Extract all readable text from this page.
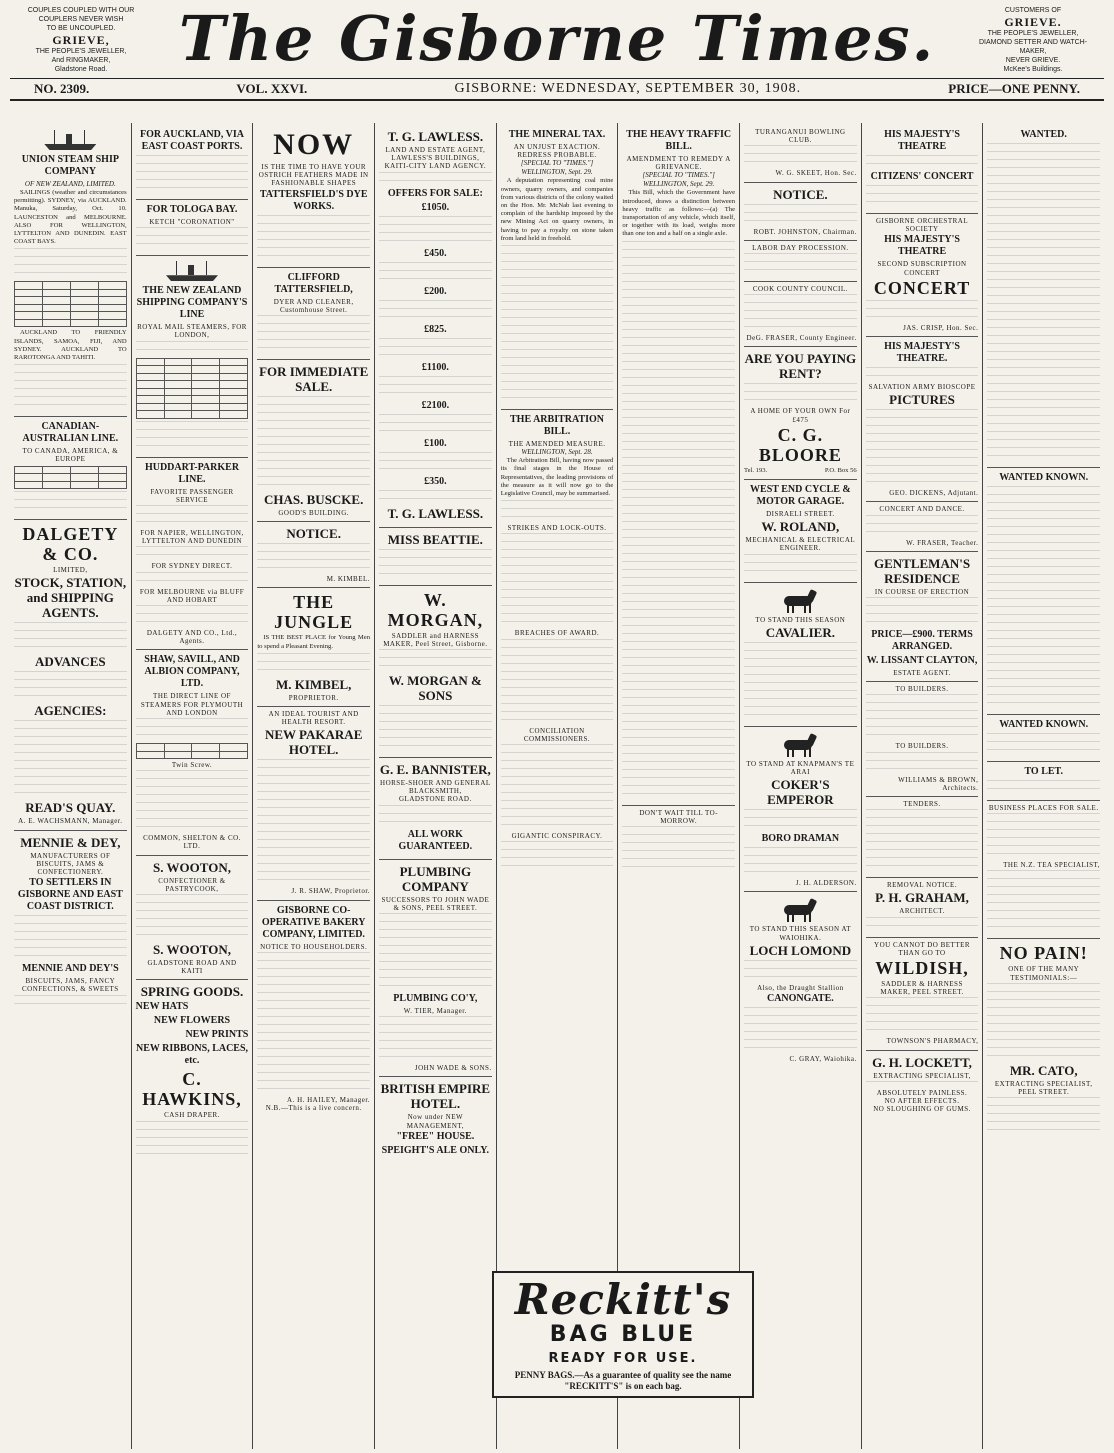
COUPLES COUPLED WITH OUR
COUPLERS NEVER WISH
TO BE UNCOUPLED.
GRIEVE,
THE PEOPLE'S JEWELLER,
And RINGMAKER,
Gladstone Road.	The Gisborne Times.	CUSTOMERS OF
GRIEVE.
THE PEOPLE'S JEWELLER,
DIAMOND SETTER AND WATCH-
MAKER,
NEVER GRIEVE.
McKee's Buildings.
NO. 2309.	VOL. XXVI.	GISBORNE: WEDNESDAY, SEPTEMBER 30, 1908.	PRICE—ONE PENNY.
UNION STEAM SHIP COMPANY
OF NEW ZEALAND, LIMITED.

SAILINGS (weather and circumstances permitting). SYDNEY, via AUCKLAND. Manuka, Saturday, Oct. 10. LAUNCESTON and MELBOURNE. ALSO FOR WELLINGTON, LYTTELTON AND DUNEDIN. EAST COAST BAYS.

AUCKLAND TO FRIENDLY ISLANDS, SAMOA, FIJI, AND SYDNEY. AUCKLAND TO RAROTONGA AND TAHITI.

CANADIAN-AUSTRALIAN LINE.
TO CANADA, AMERICA, & EUROPE

DALGETY & CO.
LIMITED,
STOCK, STATION, and SHIPPING AGENTS.
ADVANCES
AGENCIES:
READ'S QUAY.
A. E. WACHSMANN, Manager.
MENNIE & DEY,
MANUFACTURERS OF BISCUITS, JAMS & CONFECTIONERY.
TO SETTLERS IN GISBORNE AND EAST COAST DISTRICT.
MENNIE AND DEY'S
BISCUITS, JAMS, FANCY CONFECTIONS, & SWEETS
FOR AUCKLAND, VIA EAST COAST PORTS.
FOR TOLOGA BAY.
KETCH "CORONATION"
THE NEW ZEALAND SHIPPING COMPANY'S LINE
ROYAL MAIL STEAMERS, FOR LONDON,

HUDDART-PARKER LINE.
FAVORITE PASSENGER SERVICE
FOR NAPIER, WELLINGTON, LYTTELTON AND DUNEDIN
FOR SYDNEY DIRECT.
FOR MELBOURNE via BLUFF AND HOBART
DALGETY AND CO., Ltd., Agents.
SHAW, SAVILL, AND ALBION COMPANY, LTD.
THE DIRECT LINE OF STEAMERS FOR PLYMOUTH AND LONDON

Twin Screw.
COMMON, SHELTON & CO. LTD.
S. WOOTON,
CONFECTIONER & PASTRYCOOK,
S. WOOTON,
GLADSTONE ROAD AND KAITI
SPRING GOODS.
NEW HATS
NEW FLOWERS
NEW PRINTS
NEW RIBBONS, LACES, etc.
C. HAWKINS,
CASH DRAPER.
NOW
IS THE TIME TO HAVE YOUR OSTRICH FEATHERS MADE IN FASHIONABLE SHAPES
TATTERSFIELD'S DYE WORKS.
CLIFFORD TATTERSFIELD,
DYER AND CLEANER, Customhouse Street.
FOR IMMEDIATE SALE.
CHAS. BUSCKE.
GOOD'S BUILDING.
NOTICE.
M. KIMBEL.
THE JUNGLE

IS THE BEST PLACE for Young Men to spend a Pleasant Evening.

M. KIMBEL,
PROPRIETOR.
AN IDEAL TOURIST AND HEALTH RESORT.
NEW PAKARAE HOTEL.
J. R. SHAW, Proprietor.
GISBORNE CO-OPERATIVE BAKERY COMPANY, LIMITED.
NOTICE TO HOUSEHOLDERS.
A. H. HAILEY, Manager.
N.B.—This is a live concern.
T. G. LAWLESS.
LAND AND ESTATE AGENT,
LAWLESS'S BUILDINGS, KAITI-CITY LAND AGENCY.
OFFERS FOR SALE:
£1050.
£450.
£200.
£825.
£1100.
£2100.
£100.
£350.
T. G. LAWLESS.
MISS BEATTIE.
W. MORGAN,
SADDLER and HARNESS MAKER, Peel Street, Gisborne.
W. MORGAN & SONS
G. E. BANNISTER,
HORSE-SHOER AND GENERAL BLACKSMITH,
GLADSTONE ROAD.
ALL WORK GUARANTEED.
PLUMBING COMPANY
SUCCESSORS TO JOHN WADE & SONS, PEEL STREET.
PLUMBING CO'Y,
W. TIER, Manager.
JOHN WADE & SONS.
BRITISH EMPIRE HOTEL.
Now under NEW MANAGEMENT,
"FREE" HOUSE.
SPEIGHT'S ALE ONLY.
THE MINERAL TAX.
AN UNJUST EXACTION.
REDRESS PROBABLE.
[SPECIAL TO "TIMES."]
WELLINGTON, Sept. 29.

A deputation representing coal mine owners, quarry owners, and companies from various districts of the colony waited on the Hon. Mr. McNab last evening to complain of the hardship imposed by the new Mining Act on quarry owners, in having to pay a royalty on stone taken from land held in freehold.

THE ARBITRATION BILL.
THE AMENDED MEASURE.
WELLINGTON, Sept. 28.

The Arbitration Bill, having now passed its final stages in the House of Representatives, the leading provisions of the measure as it will now go to the Legislative Council, may be summarised.

STRIKES AND LOCK-OUTS.
BREACHES OF AWARD.
CONCILIATION COMMISSIONERS.
GIGANTIC CONSPIRACY.
THE HEAVY TRAFFIC BILL.
AMENDMENT TO REMEDY A GRIEVANCE.
[SPECIAL TO "TIMES."]
WELLINGTON, Sept. 29.

This Bill, which the Government have introduced, draws a distinction between heavy traffic as follows:—(a) The transportation of any vehicle, which itself, or together with its load, weighs more than one ton and a half on a single axle.

DON'T WAIT TILL TO-MORROW.
TURANGANUI BOWLING CLUB.
W. G. SKEET, Hon. Sec.
NOTICE.
ROBT. JOHNSTON, Chairman.
LABOR DAY PROCESSION.
COOK COUNTY COUNCIL.
DeG. FRASER, County Engineer.
ARE YOU PAYING RENT?
A HOME OF YOUR OWN For £475
C. G. BLOORE
Tel. 193.	P.O. Box 56
WEST END CYCLE & MOTOR GARAGE.
DISRAELI STREET.
W. ROLAND,
MECHANICAL & ELECTRICAL ENGINEER.
TO STAND THIS SEASON
CAVALIER.
TO STAND AT KNAPMAN'S TE ARAI
COKER'S EMPEROR
BORO DRAMAN
J. H. ALDERSON.
TO STAND THIS SEASON AT WAIOHIKA.
LOCH LOMOND
Also, the Draught Stallion
CANONGATE.
C. GRAY, Waiohika.
HIS MAJESTY'S THEATRE
CITIZENS' CONCERT
GISBORNE ORCHESTRAL SOCIETY
HIS MAJESTY'S THEATRE
SECOND SUBSCRIPTION CONCERT
CONCERT
JAS. CRISP, Hon. Sec.
HIS MAJESTY'S THEATRE.
SALVATION ARMY BIOSCOPE
PICTURES
GEO. DICKENS, Adjutant.
CONCERT AND DANCE.
W. FRASER, Teacher.
GENTLEMAN'S RESIDENCE
IN COURSE OF ERECTION
PRICE—£900. TERMS ARRANGED.
W. LISSANT CLAYTON,
ESTATE AGENT.
TO BUILDERS.
TO BUILDERS.
WILLIAMS & BROWN, Architects.
TENDERS.
REMOVAL NOTICE.
P. H. GRAHAM,
ARCHITECT.
YOU CANNOT DO BETTER THAN GO TO
WILDISH,
SADDLER & HARNESS MAKER, PEEL STREET.
TOWNSON'S PHARMACY,
G. H. LOCKETT,
EXTRACTING SPECIALIST,
ABSOLUTELY PAINLESS.
NO AFTER EFFECTS.
NO SLOUGHING OF GUMS.
WANTED.
WANTED KNOWN.
WANTED KNOWN.
TO LET.
BUSINESS PLACES FOR SALE.
THE N.Z. TEA SPECIALIST,
NO PAIN!
ONE OF THE MANY TESTIMONIALS:—
MR. CATO,
EXTRACTING SPECIALIST, PEEL STREET.
Reckitt's
BAG BLUE
READY FOR USE.
PENNY BAGS.—As a guarantee of quality see the name "RECKITT'S" is on each bag.
